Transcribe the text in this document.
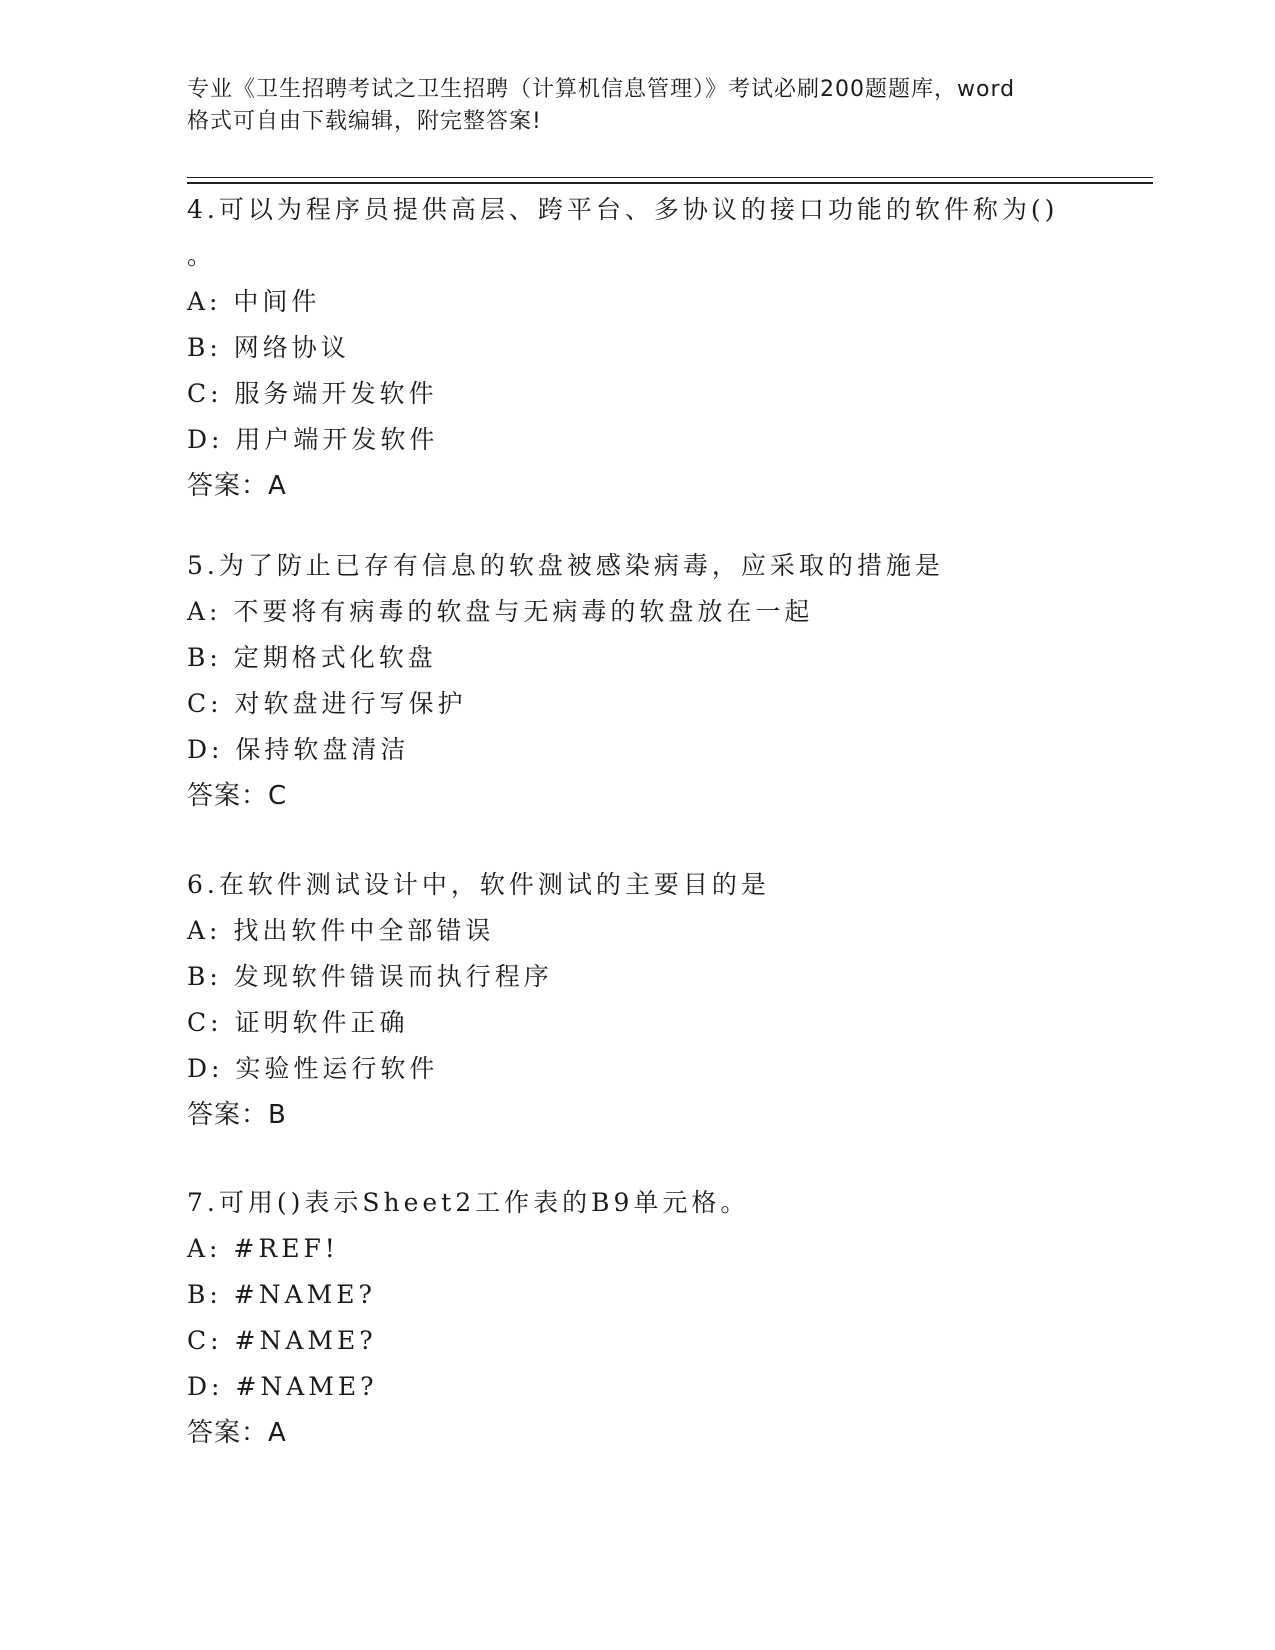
专业《卫生招聘考试之卫生招聘（计算机信息管理）》考试必刷200题题库，word
格式可自由下载编辑，附完整答案!
4.可以为程序员提供高层、跨平台、多协议的接口功能的软件称为()
。
A: 中间件
B: 网络协议
C: 服务端开发软件
D: 用户端开发软件
答案：A
5.为了防止已存有信息的软盘被感染病毒，应采取的措施是
A: 不要将有病毒的软盘与无病毒的软盘放在一起
B: 定期格式化软盘
C: 对软盘进行写保护
D: 保持软盘清洁
答案：C
6.在软件测试设计中，软件测试的主要目的是
A: 找出软件中全部错误
B: 发现软件错误而执行程序
C: 证明软件正确
D: 实验性运行软件
答案：B
7.可用()表示Sheet2工作表的B9单元格。
A: #REF!
B: #NAME?
C: #NAME?
D: #NAME?
答案：A
